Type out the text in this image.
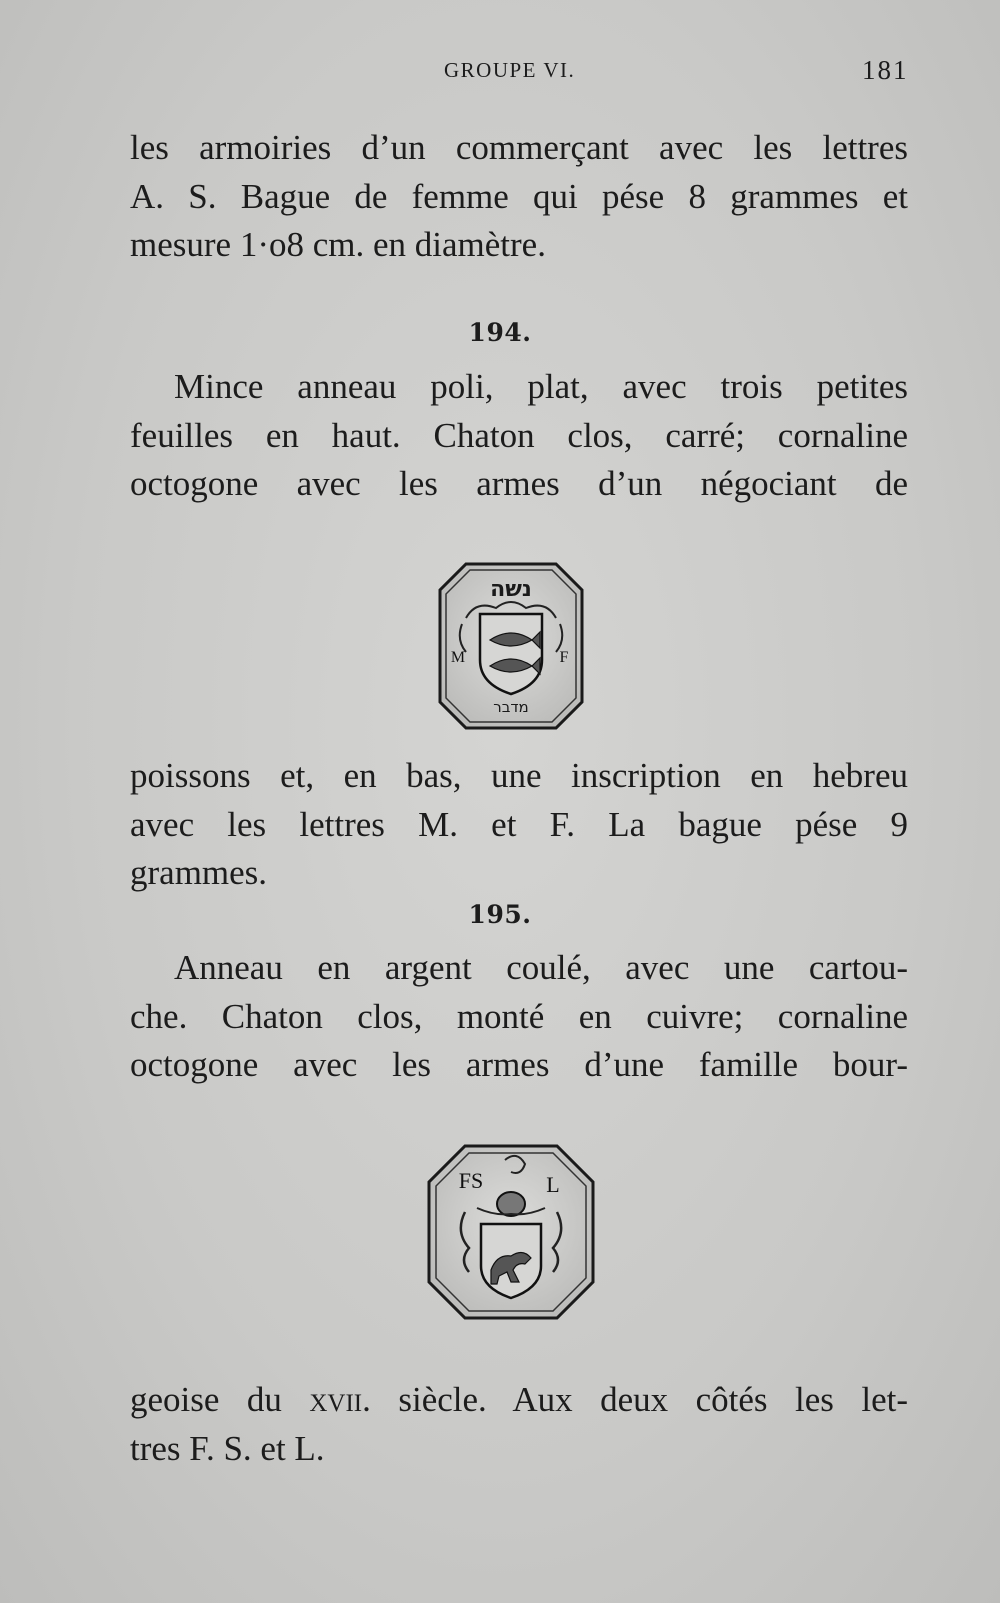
GROUPE VI.	181
les armoiries d’un commerçant avec les lettres
A. S. Bague de femme qui pése 8 grammes et
mesure 1·o8 cm. en diamètre.
194.
Mince anneau poli, plat, avec trois petites
feuilles en haut. Chaton clos, carré; cornaline
octogone avec les armes d’un négociant de
נשה
M	F
מדבר
poissons et, en bas, une inscription en hebreu
avec les lettres M. et F. La bague pése 9
grammes.
195.
Anneau en argent coulé, avec une cartou-
che. Chaton clos, monté en cuivre; cornaline
octogone avec les armes d’une famille bour-
FS	L
geoise du xvii. siècle. Aux deux côtés les let-
tres F. S. et L.
